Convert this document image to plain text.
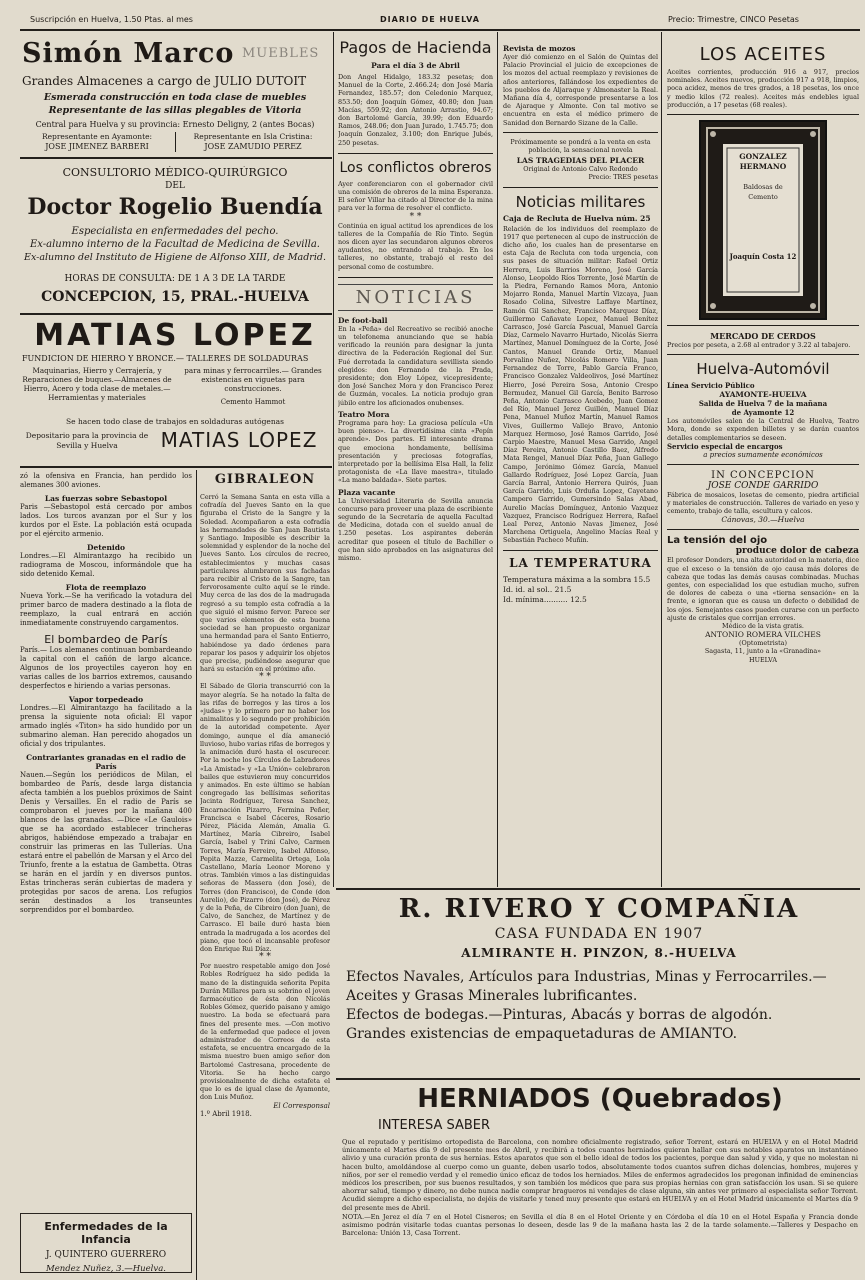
Suscripción en Huelva, 1.50 Ptas. al mes	DIARIO DE HUELVA	Precio: Trimestre, CINCO Pesetas
Simón Marco MUEBLES
Grandes Almacenes a cargo de JULIO DUTOIT
Esmerada construcción en toda clase de muebles
Representante de las sillas plegables de Vitoria
Central para Huelva y su provincia: Ernesto Deligny, 2 (antes Bocas)
Representante en Ayamonte:
JOSE JIMENEZ BARBERI
Representante en Isla Cristina:
JOSE ZAMUDIO PEREZ
CONSULTORIO MÉDICO-QUIRÚRGICO
DEL
Doctor Rogelio Buendía
Especialista en enfermedades del pecho.
Ex-alumno interno de la Facultad de Medicina de Sevilla.
Ex-alumno del Instituto de Higiene de Alfonso XIII, de Madrid.
HORAS DE CONSULTA: DE 1 A 3 DE LA TARDE
CONCEPCION, 15, PRAL.-HUELVA
MATIAS LOPEZ
FUNDICION DE HIERRO Y BRONCE.— TALLERES DE SOLDADURAS
Maquinarias, Hierro y Cerrajería, y Reparaciones de buques.—Almacenes de Hierro, Acero y toda clase de metales.— Herramientas y materiales
para minas y ferrocarriles.— Grandes existencias en viguetas para construcciones.
Cemento Hammot
Se hacen todo clase de trabajos en soldaduras autógenas
Depositario para la provincia de Sevilla y Huelva	MATIAS LOPEZ
zó la ofensiva en Francia, han perdido los alemanes 300 aviones.
Las fuerzas sobre Sebastopol
Paris —Sebastopol está cercado por ambos lados. Los turcos avanzan por el Sur y los kurdos por el Este. La población está ocupada por el ejército armenio.
Detenido
Londres.—El Almirantazgo ha recibido un radiograma de Moscou, informándole que ha sido detenido Kemal.
Flota de reemplazo
Nueva York.—Se ha verificado la votadura del primer barco de madera destinado a la flota de reemplazo, la cual entrará en acción inmediatamente construyendo cargamentos.
El bombardeo de París
París.— Los alemanes continuan bombardeando la capital con el cañón de largo alcance. Algunos de los proyectiles cayeron hoy en varias calles de los barrios extremos, causando desperfectos e hiriendo a varias personas.
Vapor torpedeado
Londres.—El Almirantazgo ha facilitado a la prensa la siguiente nota oficial: El vapor armado inglés «Titon» ha sido hundido por un submarino aleman. Han perecido ahogados un oficial y dos tripulantes.
Contrariantes granadas en el radio de París
Nauen.—Según los periódicos de Milan, el bombardeo de París, desde larga distancia afecta también a los pueblos próximos de Saint Denis y Versailles. En el radio de París se comprobaron el jueves por la mañana 400 blancos de las granadas. —Dice «Le Gaulois» que se ha acordado establecer trincheras abrigos, habiéndose empezado a trabajar en construir las primeras en las Tullerías. Una estará entre el pabellón de Marsan y el Arco del Triunfo, frente a la estatua de Gambetta. Otras se harán en el jardín y en diversos puntos. Estas trincheras serán cubiertas de madera y protegidas por sacos de arena. Los refugios serán destinados a los transeuntes sorprendidos por el bombardeo.
Enfermedades de la Infancia
J. QUINTERO GUERRERO
Mendez Nuñez, 3.—Huelva.
GIBRALEON
Cerró la Semana Santa en esta villa a cofradía del Jueves Santo en la que figuraba el Cristo de la Sangre y la Soledad. Acompañaron a esta cofradía las hermandades de San Juan Bautista y Santiago. Imposible es describir la solemnidad y esplendor de la noche del Jueves Santo. Los círculos de recreo, establecimientos y muchas casas particulares alumbraron sus fachadas para recibir al Cristo de la Sangre, tan fervorosamente culto aquí se le rinde. Muy cerca de las dos de la madrugada regresó a su templo esta cofradía a la que siguió el mismo fervor. Parece ser que varios elementos de esta buena sociedad se han propuesto organizar una hermandad para el Santo Entierro, habiéndose ya dado órdenes para reparar los pasos y adquirir los objetos que precise, pudiéndose asegurar que hará su estación en el próximo año.
* *
El Sábado de Gloria transcurrió con la mayor alegría. Se ha notado la falta de las rifas de borregos y las tiros a los «judas» y lo primero por no haber los animalitos y lo segundo por prohibición de la autoridad competente. Ayer domingo, aunque el día amaneció lluvioso, hubo varias rifas de borregos y la animación duró hasta el oscurecer. Por la noche los Círculos de Labradores «La Amistad» y «La Unión» celebraron bailes que estuvieron muy concurridos y animados. En este último se habían congregado las bellísimas señoritas Jacinta Rodríguez, Teresa Sanchez, Encarnación Pizarro, Fermina Peñer, Francisca e Isabel Cáceres, Rosario Pérez, Plácida Alemán, Amalia G. Martínez, María Cibreiro, Isabel García, Isabel y Trini Calvo, Carmen Torres, María Ferreiro, Isabel Alfonso, Pepita Mazze, Carmelita Ortega, Lola Castellano, María Leonor Moreno y otras. También vimos a las distinguidas señoras de Massera (don José), de Torres (don Francisco), de Conde (don Aurelio), de Pizarro (don José), de Pérez y de la Peña, de Cibreiro (don Juan), de Calvo, de Sanchez, de Martínez y de Carrasco. El baile duró hasta bien entrada la madrugada a los acordes del piano, que tocó el incansable profesor don Enrique Rui Díaz.
* *
Por nuestro respetable amigo don José Robles Rodríguez ha sido pedida la mano de la distinguida señorita Pepita Durán Millares para su sobrino el joven farmacéutico de ésta don Nicolás Robles Gómez, querido paisano y amigo nuestro. La boda se efectuará para fines del presente mes. —Con motivo de la enfermedad que padece el joven administrador de Correos de esta estafeta, se encuentra encargado de la misma nuestro buen amigo señor don Bartolomé Castresana, procedente de Vitoria. Se ha hecho cargo provisionalmente de dicha estafeta el que lo es de igual clase de Ayamonte, don Luis Muñoz.
El Corresponsal
1.º Abril 1918.
Pagos de Hacienda
Para el día 3 de Abril
Don Angel Hidalgo, 183.32 pesetas; don Manuel de la Corte, 2.466.24; don José María Fernandez, 185.57; don Celedonio Marquez, 853.50; don Joaquín Gómez, 40.80; don Juan Macías, 559.92; don Antonio Arrastio, 94.67; don Bartolomé García, 39.99; don Eduardo Ramos, 248.06; don Juan Jurado, 1.745.75; don Joaquín Gonzalez, 3.100; don Enrique Jubés, 250 pesetas.
Los conflictos obreros
Ayer conferenciaron con el gobernador civil una comisión de obreros de la mina Esperanza. El señor Villar ha citado al Director de la mina para ver la forma de resolver el conflicto.
* *
Continúa en igual actitud los aprendices de los talleres de la Compañía de Río Tinto. Según nos dicen ayer las secundaron algunos obreros ayudantes, no entrando al trabajo. En los talleres, no obstante, trabajó el resto del personal como de costumbre.
NOTICIAS
De foot-ball
En la «Peña» del Recreativo se recibió anoche un telefonema anunciando que se había verificado la reunión para designar la junta directiva de la Federación Regional del Sur. Fué derrotada la candidatura sevillista siendo elegidos: don Fernando de la Prada, presidente; don Eloy López, vicepresidente; don José Sanchez Mora y don Francisco Perez de Guzmán, vocales. La noticia produjo gran júbilo entre los aficionados onubenses.
Teatro Mora
Programa para hoy: La graciosa película «Un buen pienso». La divertidísima cinta «Pepín aprende». Dos partes. El interesante drama que emociona hondamente, bellísima presentación y preciosas fotografías, interpretado por la bellísima Elsa Hall, la feliz protagonista de «La llave maestra», titulado «La mano baldada». Siete partes.
Plaza vacante
La Universidad Literaria de Sevilla anuncia concurso para proveer una plaza de escribiente segundo de la Secretaría de aquella Facultad de Medicina, dotada con el sueldo anual de 1.250 pesetas. Los aspirantes deberán acreditar que poseen el título de Bachiller o que han sido aprobados en las asignaturas del mismo.
Revista de mozos
Ayer dió comienzo en el Salón de Quintas del Palacio Provincial el juicio de excepciones de los mozos del actual reemplazo y revisiones de años anteriores, fallándose los expedientes de los pueblos de Aljaraque y Almonaster la Real. Mañana día 4, corresponde presentarse a los de Ajaraque y Almonte. Con tal motivo se encuentra en esta el médico primero de Sanidad don Bernardo Sizane de la Calle.
Próximamente se pondrá a la venta en esta población, la sensacional novela
LAS TRAGEDIAS DEL PLACER
Original de Antonio Calvo Redondo
Precio: TRES pesetas
Noticias militares
Caja de Recluta de Huelva núm. 25
Relación de los individuos del reemplazo de 1917 que pertenecen al cupo de instrucción de dicho año, los cuales han de presentarse en esta Caja de Recluta con toda urgencia, con sus pases de situación militar: Rafael Ortiz Herrera, Luis Barrios Moreno, José García Alonso, Leopoldo Ríos Torrente, José Martín de la Piedra, Fernando Ramos Mora, Antonio Mojarro Ronda, Manuel Martín Vizcaya, Juan Rosado Colina, Silvestre Laffaye Martínez, Ramón Gil Sanchez, Francisco Marquez Díaz, Guillermo Cañavate Lopez, Manuel Benítez Carrasco, José García Pascual, Manuel García Díaz, Carmelo Navarro Hurtado, Nicolás Sierra Martínez, Manuel Domínguez de la Corte, José Cantos, Manuel Grande Ortiz, Manuel Porvalino Nuñez, Nicolás Romero Villa, Juan Fernandez de Torre, Pablo García Franco, Francisco Gonzalez Valdeolivos, José Martínez Hierro, José Pereira Sosa, Antonio Crespo Bermudez, Manuel Gil García, Benito Barroso Peña, Antonio Carrasco Acebedo, Juan Gomez del Río, Manuel Jerez Guillén, Manuel Díaz Pena, Manuel Muñoz Martín, Manuel Ramos Vives, Guillermo Vallejo Bravo, Antonio Marquez Hermoso, José Ramos Garrido, José Carpio Maestre, Manuel Mesa Garrido, Angel Díaz Pereira, Antonio Castillo Baez, Alfredo Mata Rengel, Manuel Díaz Peña, Juan Gallego Campo, Jerónimo Gómez García, Manuel Gallardo Rodríguez, José Lopez García, Juan García Barral, Antonio Herrera Quirós, Juan García Garrido, Luis Orduña Lopez, Cayetano Campero Garrido, Gumersindo Salas Abad, Aurelio Macías Domínguez, Antonio Vazquez Vazquez, Francisco Rodríguez Herrera, Rafael Leal Perez, Antonio Navas Jimenez, José Marchena Ortiguela, Angelino Macías Real y Sebastián Pacheco Muñín.
LA TEMPERATURA
Temperatura máxima a la sombra 15.5
Id. id. al sol.. 21.5
Id. mínima.......... 12.5
LOS ACEITES
Aceites corrientes, producción 916 a 917, precios nominales. Aceites nuevos, producción 917 a 918, limpios, poca acidez, menos de tres grados, a 18 pesetas, los once y medio kilos (72 reales). Aceites más endebles igual producción, a 17 pesetas (68 reales).
GONZALEZ
HERMANO
Baldosas de Cemento
Joaquín Costa 12
MERCADO DE CERDOS
Precios por peseta, a 2.68 al entrador y 3.22 al tabajero.
Huelva-Automóvil
Línea Servicio Público
AYAMONTE-HUELVA
Salida de Huelva 7 de la mañana
de Ayamonte 12
Los automóviles salen de la Central de Huelva, Teatro Mora, donde se expenden billetes y se darán cuantos detalles complementarios se deseen.
Servicio especial de encargos
a precios sumamente económicos
IN CONCEPCION
JOSE CONDE GARRIDO
Fábrica de mosaicos, losetas de cemento, piedra artificial y materiales de construcción. Talleres de variado en yeso y cemento, trabajo de talla, escultura y calcos.
Cánovas, 30.—Huelva
La tensión del ojo
produce dolor de cabeza
El profesor Donders, una alta autoridad en la materia, dice que el exceso o la tensión de ojo causa más dolores de cabeza que todas las demás causas combinadas. Muchas gentes, con especialidad los que estudian mucho, sufren de dolores de cabeza o una «tierna sensación» en la frente, e ignoran que es causa un defecto o debilidad de los ojos. Semejantes casos pueden curarse con un perfecto ajuste de cristales que corrijan errores.
Médico de la vista gratis.
ANTONIO ROMERA VILCHES
(Optometrista)
Sagasta, 11, junto a la «Granadina»
HUELVA
R. RIVERO Y COMPAÑIA
CASA FUNDADA EN 1907
ALMIRANTE H. PINZON, 8.-HUELVA
Efectos Navales, Artículos para Industrias, Minas y Ferrocarriles.—Aceites y Grasas Minerales lubrificantes.
Efectos de bodegas.—Pinturas, Abacás y borras de algodón.
Grandes existencias de empaquetaduras de AMIANTO.
HERNIADOS (Quebrados)
INTERESA SABER
Que el reputado y peritísimo ortopedista de Barcelona, con nombre oficialmente registrado, señor Torrent, estará en HUELVA y en el Hotel Madrid únicamente el Martes día 9 del presente mes de Abril, y recibirá a todos cuantos herniados quieran hallar con sus notables aparatos un instantáneo alivio y una curación pronta de sus hernias. Estos aparatos que son el bello ideal de todos los pacientes, porque dan salud y vida, y que no molestan ni hacen bulto, amoldándose al cuerpo como un guante, deben usarlo todos, absolutamente todos cuantos sufren dichas dolencias, hombres, mujeres y niños, por ser el remedio verdad y el remedio único eficaz de todos los herniados. Miles de enfermos agradecidos los pregonan infinidad de eminencias médicos los prescriben, por sus buenos resultados, y son también los médicos que para sus propias hernias con gran satisfacción los usan. Si se quiere ahorrar salud, tiempo y dinero, no debe nunca nadie comprar bragueros ni vendajes de clase alguna, sin antes ver primero al especialista señor Torrent. Acudid siempre a dicho especialista, no dejéis de visitarle y tened muy presente que estará en HUELVA y en el Hotel Madrid únicamente el Martes día 9 del presente mes de Abril.
NOTA.—En Jerez el día 7 en el Hotel Cisneros; en Sevilla el día 8 en el Hotel Oriente y en Córdoba el día 10 en el Hotel España y Francia donde asimismo podrán visitarle todas cuantas personas lo deseen, desde las 9 de la mañana hasta las 2 de la tarde solamente.—Talleres y Despacho en Barcelona: Unión 13, Casa Torrent.
